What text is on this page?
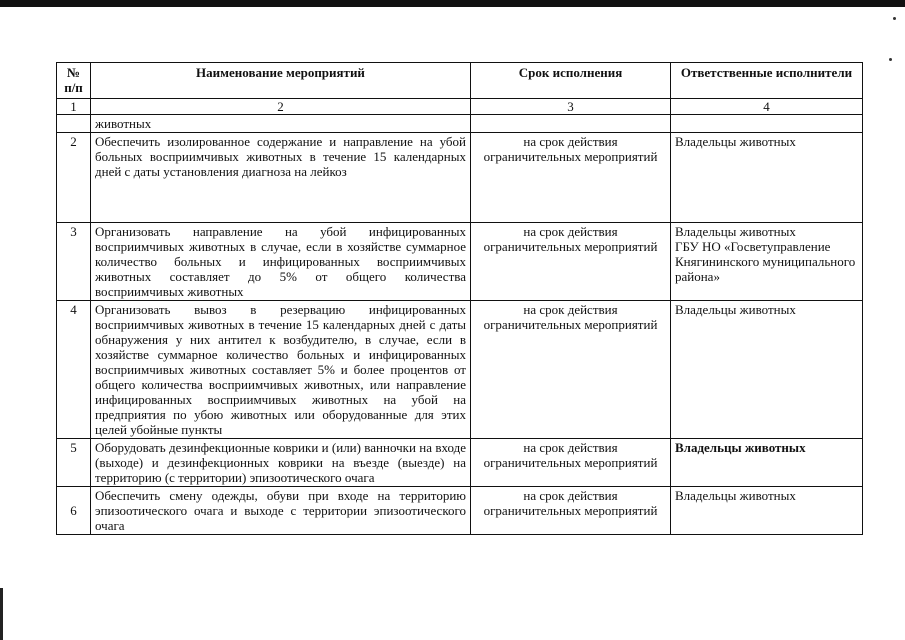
№ п/п	Наименование мероприятий	Срок исполнения	Ответственные исполнители
1	2	3	4
	животных		
2	Обеспечить изолированное содержание и направление на убой больных восприимчивых животных в течение 15 календарных дней с даты установления диагноза на лейкоз	на срок действия ограничительных мероприятий	Владельцы животных

3	Организовать направление на убой инфицированных восприимчивых животных в случае, если в хозяйстве суммарное количество больных и инфицированных восприимчивых животных составляет до 5% от общего количества восприимчивых животных	на срок действия ограничительных мероприятий	Владельцы животных
ГБУ НО «Госветуправление Княгининского муниципального района»

4	Организовать вывоз в резервацию инфицированных восприимчивых животных в течение 15 календарных дней с даты обнаружения у них антител к возбудителю, в случае, если в хозяйстве суммарное количество больных и инфицированных восприимчивых животных составляет 5% и более процентов от общего количества восприимчивых животных, или направление инфицированных восприимчивых животных на убой на предприятия по убою животных или оборудованные для этих целей убойные пункты	на срок действия ограничительных мероприятий	Владельцы животных

5	Оборудовать дезинфекционные коврики и (или) ванночки на входе (выходе) и дезинфекционных коврики на въезде (выезде) на территорию (с территории) эпизоотического очага	на срок действия ограничительных мероприятий	Владельцы животных

6	Обеспечить смену одежды, обуви при входе на территорию эпизоотического очага и выходе с территории эпизоотического очага	на срок действия ограничительных мероприятий	Владельцы животных
